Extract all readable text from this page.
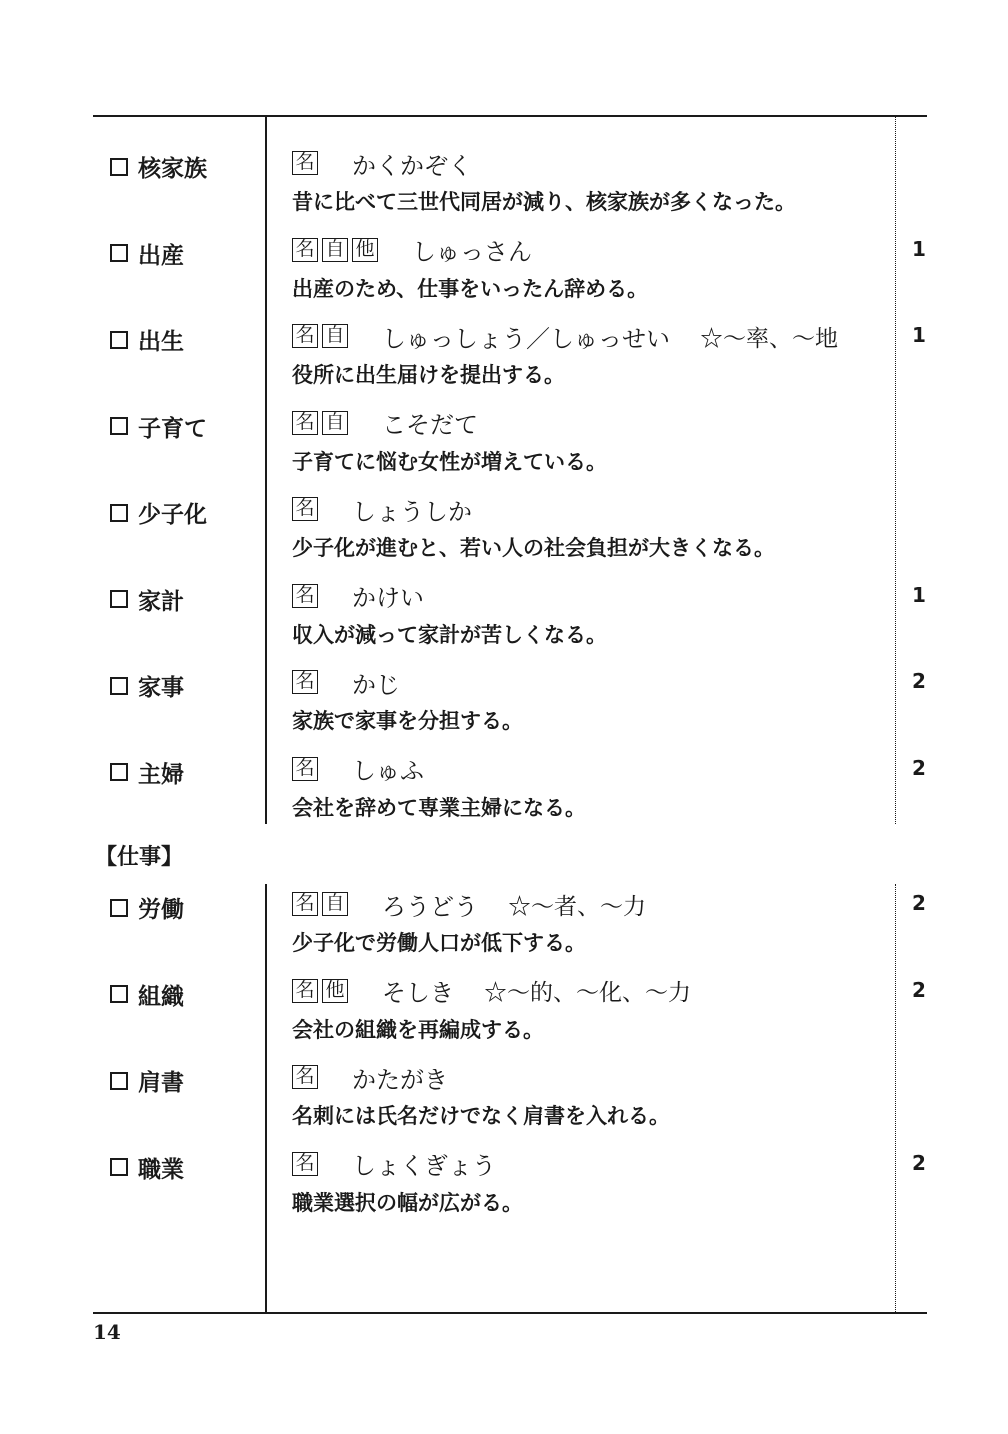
核家族	名 かくかぞく
昔に比べて三世代同居が減り、核家族が多くなった。
出産	名 自 他 しゅっさん
出産のため、仕事をいったん辞める。
1
出生	名 自 しゅっしょう／しゅっせい ☆〜率、〜地
役所に出生届けを提出する。
1
子育て	名 自 こそだて
子育てに悩む女性が増えている。
少子化	名 しょうしか
少子化が進むと、若い人の社会負担が大きくなる。
家計	名 かけい
収入が減って家計が苦しくなる。
1
家事	名 かじ
家族で家事を分担する。
2
主婦	名 しゅふ
会社を辞めて専業主婦になる。
2
【仕事】
労働	名 自 ろうどう ☆〜者、〜力
少子化で労働人口が低下する。
2
組織	名 他 そしき ☆〜的、〜化、〜力
会社の組織を再編成する。
2
肩書	名 かたがき
名刺には氏名だけでなく肩書を入れる。
職業	名 しょくぎょう
職業選択の幅が広がる。
2
14
